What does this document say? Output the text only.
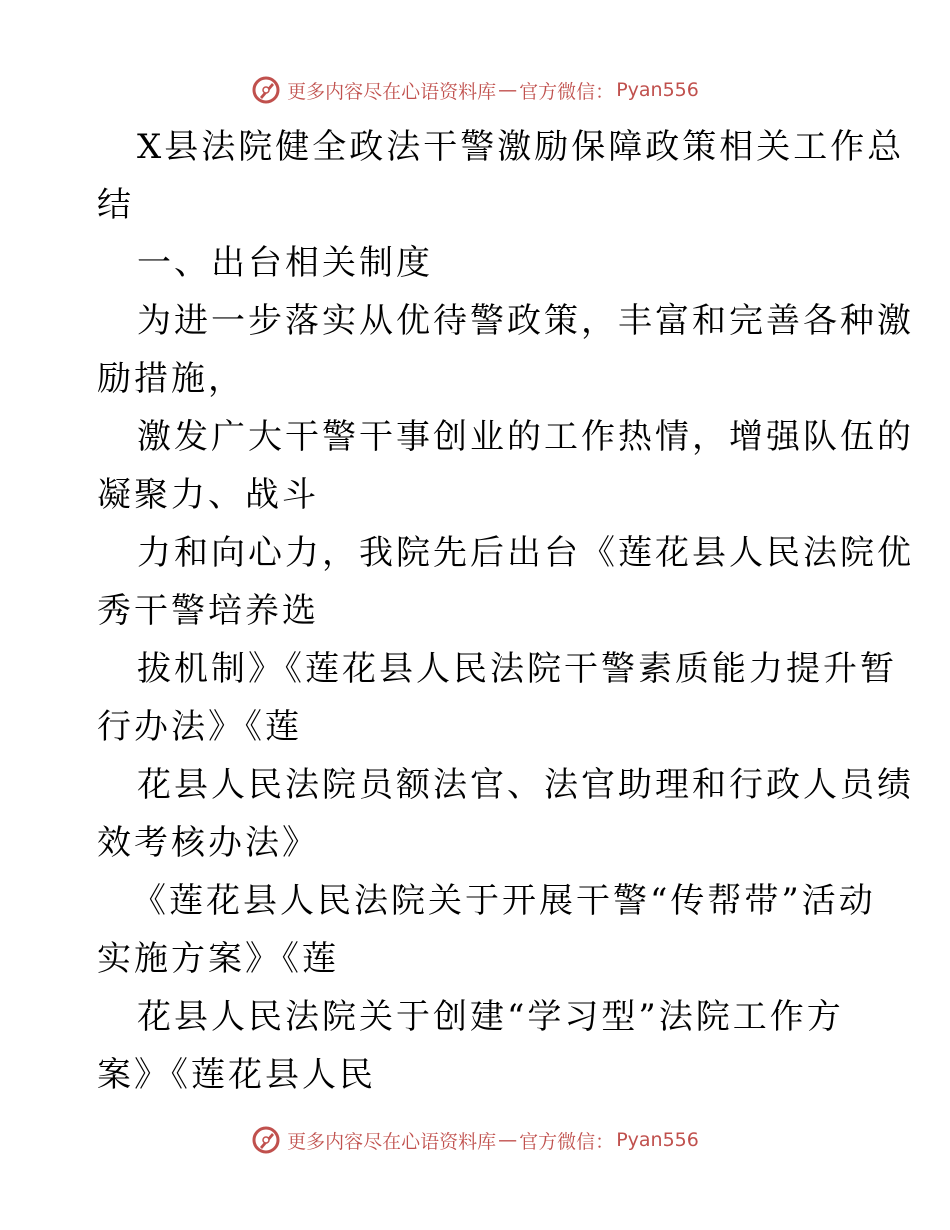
更多内容尽在心语资料库 — 官方微信： Pyan556
X县法院健全政法干警激励保障政策相关工作总
结
一、出台相关制度
为进一步落实从优待警政策，丰富和完善各种激
励措施，
激发广大干警干事创业的工作热情，增强队伍的
凝聚力、战斗
力和向心力，我院先后出台《莲花县人民法院优
秀干警培养选
拔机制》《莲花县人民法院干警素质能力提升暂
行办法》《莲
花县人民法院员额法官、法官助理和行政人员绩
效考核办法》
《莲花县人民法院关于开展干警“传帮带”活动
实施方案》《莲
花县人民法院关于创建“学习型”法院工作方
案》《莲花县人民
更多内容尽在心语资料库 — 官方微信： Pyan556
